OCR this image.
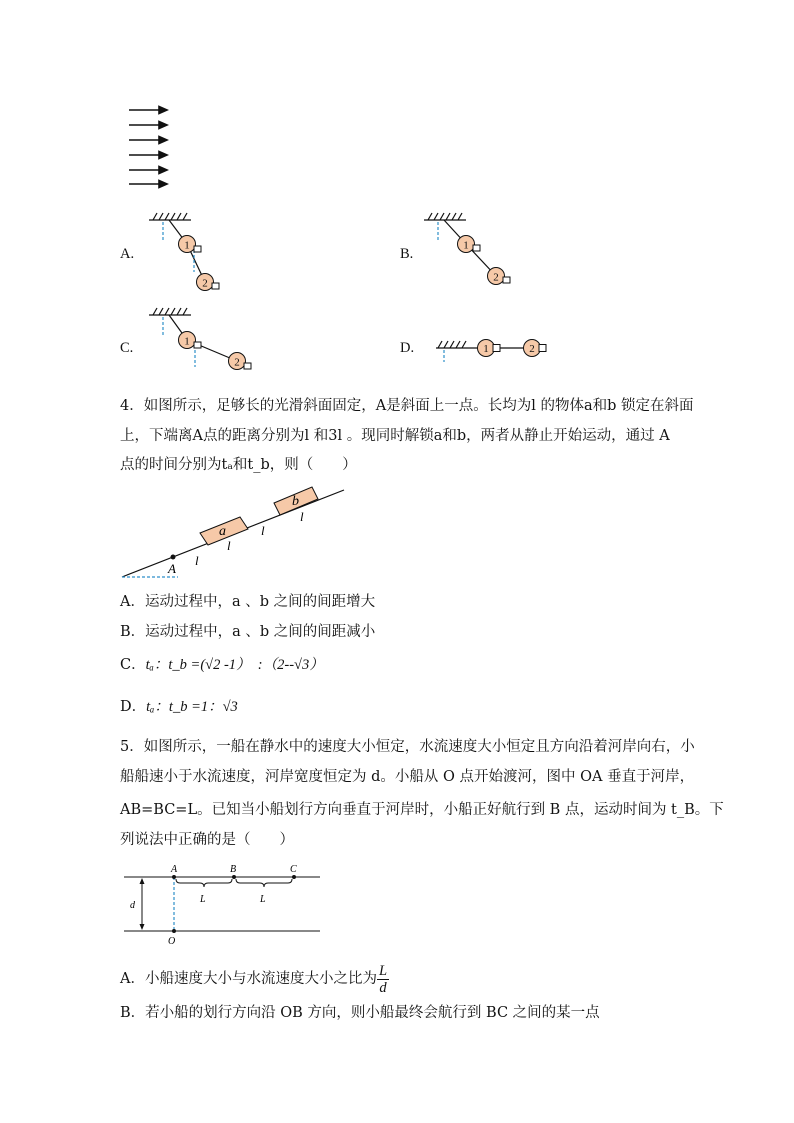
A.
1
2
B.
1
2
C.	1
2
D.	1	2
4．如图所示，足够长的光滑斜面固定，A是斜面上一点。长均为l 的物体a和b 锁定在斜面
上，下端离A点的距离分别为l 和3l 。现同时解锁a和b，两者从静止开始运动，通过 A
点的时间分别为tₐ和t_b，则（　　）
A
a
b
l
l
l
l
A．运动过程中，a 、b 之间的间距增大
B．运动过程中，a 、b 之间的间距减小
C．tₐ：t_b =(√2 -1）　:（2--√3）
D．tₐ：t_b =1：√3
5．如图所示，一船在静水中的速度大小恒定，水流速度大小恒定且方向沿着河岸向右，小
船船速小于水流速度，河岸宽度恒定为 d。小船从 O 点开始渡河，图中 OA 垂直于河岸，
AB=BC=L。已知当小船划行方向垂直于河岸时，小船正好航行到 B 点，运动时间为 t_B。下
列说法中正确的是（　　）
A	B	C
O
d
L	L
A．小船速度大小与水流速度大小之比为 $\frac{L}{d}$
B．若小船的划行方向沿 OB 方向，则小船最终会航行到 BC 之间的某一点
